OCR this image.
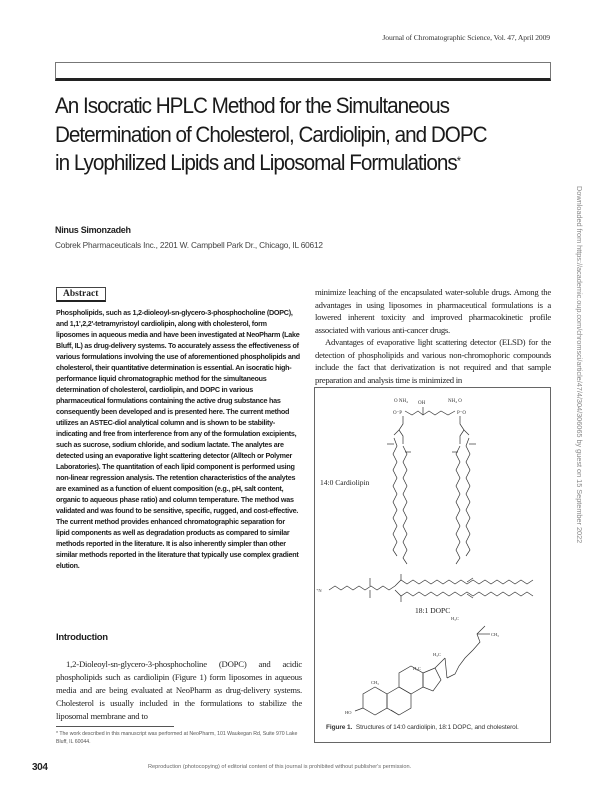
Journal of Chromatographic Science, Vol. 47, April 2009
An Isocratic HPLC Method for the Simultaneous
Determination of Cholesterol, Cardiolipin, and DOPC
in Lyophilized Lipids and Liposomal Formulations*
Ninus Simonzadeh
Cobrek Pharmaceuticals Inc., 2201 W. Campbell Park Dr., Chicago, IL 60612
Abstract
Phospholipids, such as 1,2-dioleoyl-sn-glycero-3-phosphocholine (DOPC), and 1,1',2,2'-tetramyristoyl cardiolipin, along with cholesterol, form liposomes in aqueous media and have been investigated at NeoPharm (Lake Bluff, IL) as drug-delivery systems. To accurately assess the effectiveness of various formulations involving the use of aforementioned phospholipids and cholesterol, their quantitative determination is essential. An isocratic high-performance liquid chromatographic method for the simultaneous determination of cholesterol, cardiolipin, and DOPC in various pharmaceutical formulations containing the active drug substance has consequently been developed and is presented here. The current method utilizes an ASTEC-diol analytical column and is shown to be stability-indicating and free from interference from any of the formulation excipients, such as sucrose, sodium chloride, and sodium lactate. The analytes are detected using an evaporative light scattering detector (Alltech or Polymer Laboratories). The quantitation of each lipid component is performed using non-linear regression analysis. The retention characteristics of the analytes are examined as a function of eluent composition (e.g., pH, salt content, organic to aqueous phase ratio) and column temperature. The method was validated and was found to be sensitive, specific, rugged, and cost-effective. The current method provides enhanced chromatographic separation for lipid components as well as degradation products as compared to similar methods reported in the literature. It is also inherently simpler than other similar methods reported in the literature that typically use complex gradient elution.
Introduction
1,2-Dioleoyl-sn-glycero-3-phosphocholine (DOPC) and acidic phospholipids such as cardiolipin (Figure 1) form liposomes in aqueous media and are being evaluated at NeoPharm as drug-delivery systems. Cholesterol is usually included in the formulations to stabilize the liposomal membrane and to
minimize leaching of the encapsulated water-soluble drugs. Among the advantages in using liposomes in pharmaceutical formulations is a lowered inherent toxicity and improved pharmacokinetic profile associated with various anti-cancer drugs.
Advantages of evaporative light scattering detector (ELSD) for the detection of phospholipids and various non-chromophoric compounds include the fact that derivatization is not required and that sample preparation and analysis time is minimized in
O NH₄ OH	NH₄ O
O⁻P	P⁻O
H₃C
CH₃
H₃C
H₃C
CH₃
HO
⁺N
14:0 Cardiolipin
18:1 DOPC
Figure 1. Structures of 14:0 cardiolipin, 18:1 DOPC, and cholesterol.
* The work described in this manuscript was performed at NeoPharm, 101 Waukegan Rd, Suite 970 Lake Bluff, IL 60044.
304	Reproduction (photocopying) of editorial content of this journal is prohibited without publisher's permission.
Downloaded from https://academic.oup.com/chromsci/article/47/4/304/306065 by guest on 15 September 2022
